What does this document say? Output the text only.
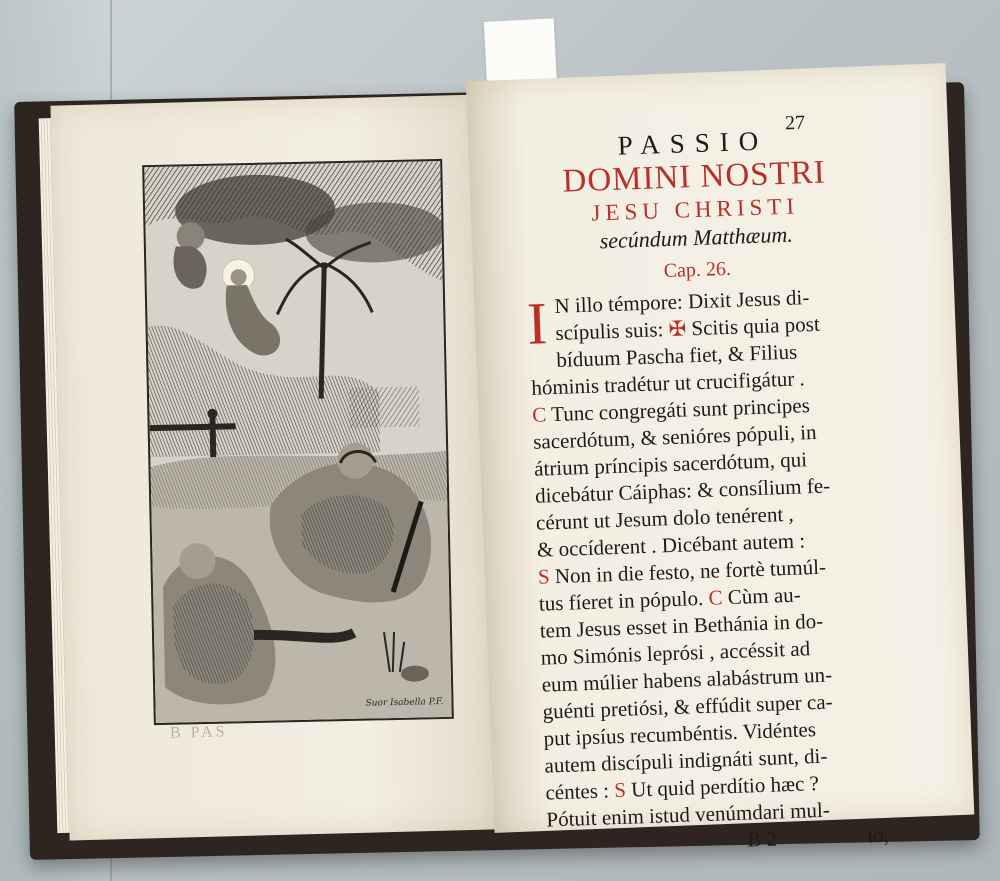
Suor Isabella P.F.
B PAS
27
PASSIO
DOMINI NOSTRI
JESU CHRISTI
secúndum Matthæum.
Cap. 26.
I N illo témpore: Dixit Jesus di-
scípulis suis: ✠ Scitis quia post
bíduum Pascha fiet, & Filius
hóminis tradétur ut crucifigátur .
C Tunc congregáti sunt principes
sacerdótum, & senióres pópuli, in
átrium príncipis sacerdótum, qui
dicebátur Cáiphas: & consílium fe-
cérunt ut Jesum dolo tenérent ,
& occíderent . Dicébant autem :
S Non in die festo, ne fortè tumúl-
tus fíeret in pópulo. C Cùm au-
tem Jesus esset in Bethánia in do-
mo Simónis leprósi , accéssit ad
eum múlier habens alabástrum un-
guénti pretiósi, & effúdit super ca-
put ipsíus recumbéntis. Vidéntes
autem discípuli indignáti sunt, di-
céntes : S Ut quid perdítio hæc ?
Pótuit enim istud venúmdari mul-
B 2	to,
